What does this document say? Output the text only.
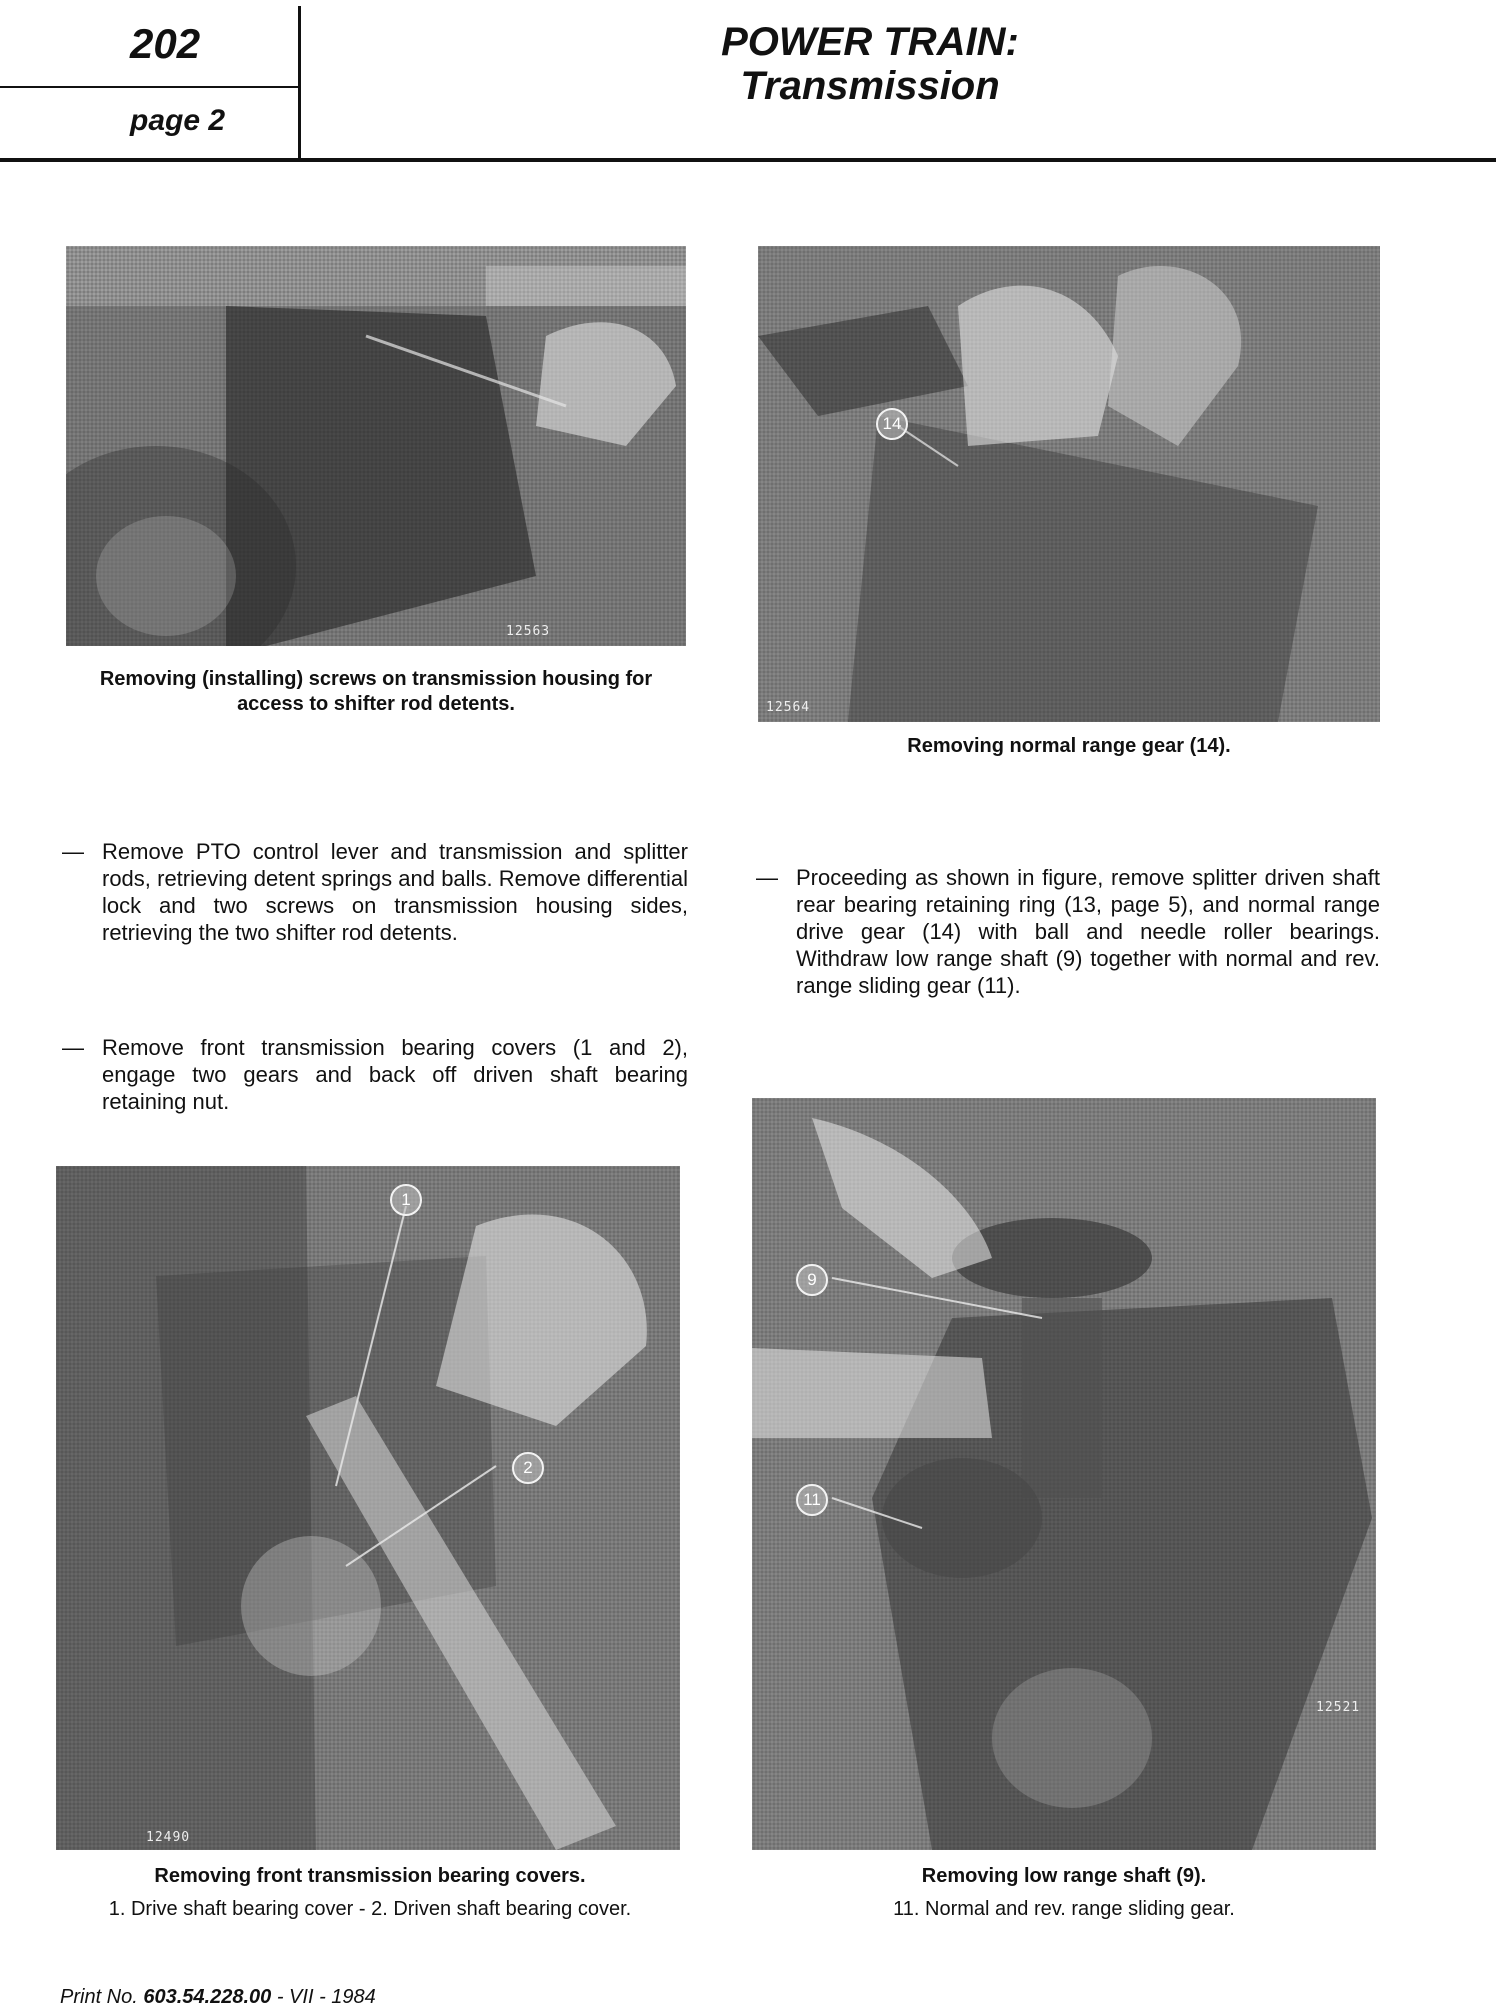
202
page 2
POWER TRAIN:
Transmission
12563
Removing (installing) screws on transmission housing for
access to shifter rod detents.
14
12564
Removing normal range gear (14).
— Remove PTO control lever and transmission and splitter rods, retrieving detent springs and balls. Remove differential lock and two screws on transmission housing sides, retrieving the two shifter rod detents.
— Remove front transmission bearing covers (1 and 2), engage two gears and back off driven shaft bearing retaining nut.
— Proceeding as shown in figure, remove splitter driven shaft rear bearing retaining ring (13, page 5), and normal range drive gear (14) with ball and needle roller bearings. Withdraw low range shaft (9) together with normal and rev. range sliding gear (11).
1
2
12490
Removing front transmission bearing covers.
1. Drive shaft bearing cover - 2. Driven shaft bearing cover.
9
11
12521
Removing low range shaft (9).
11. Normal and rev. range sliding gear.
Print No. 603.54.228.00 - VII - 1984
